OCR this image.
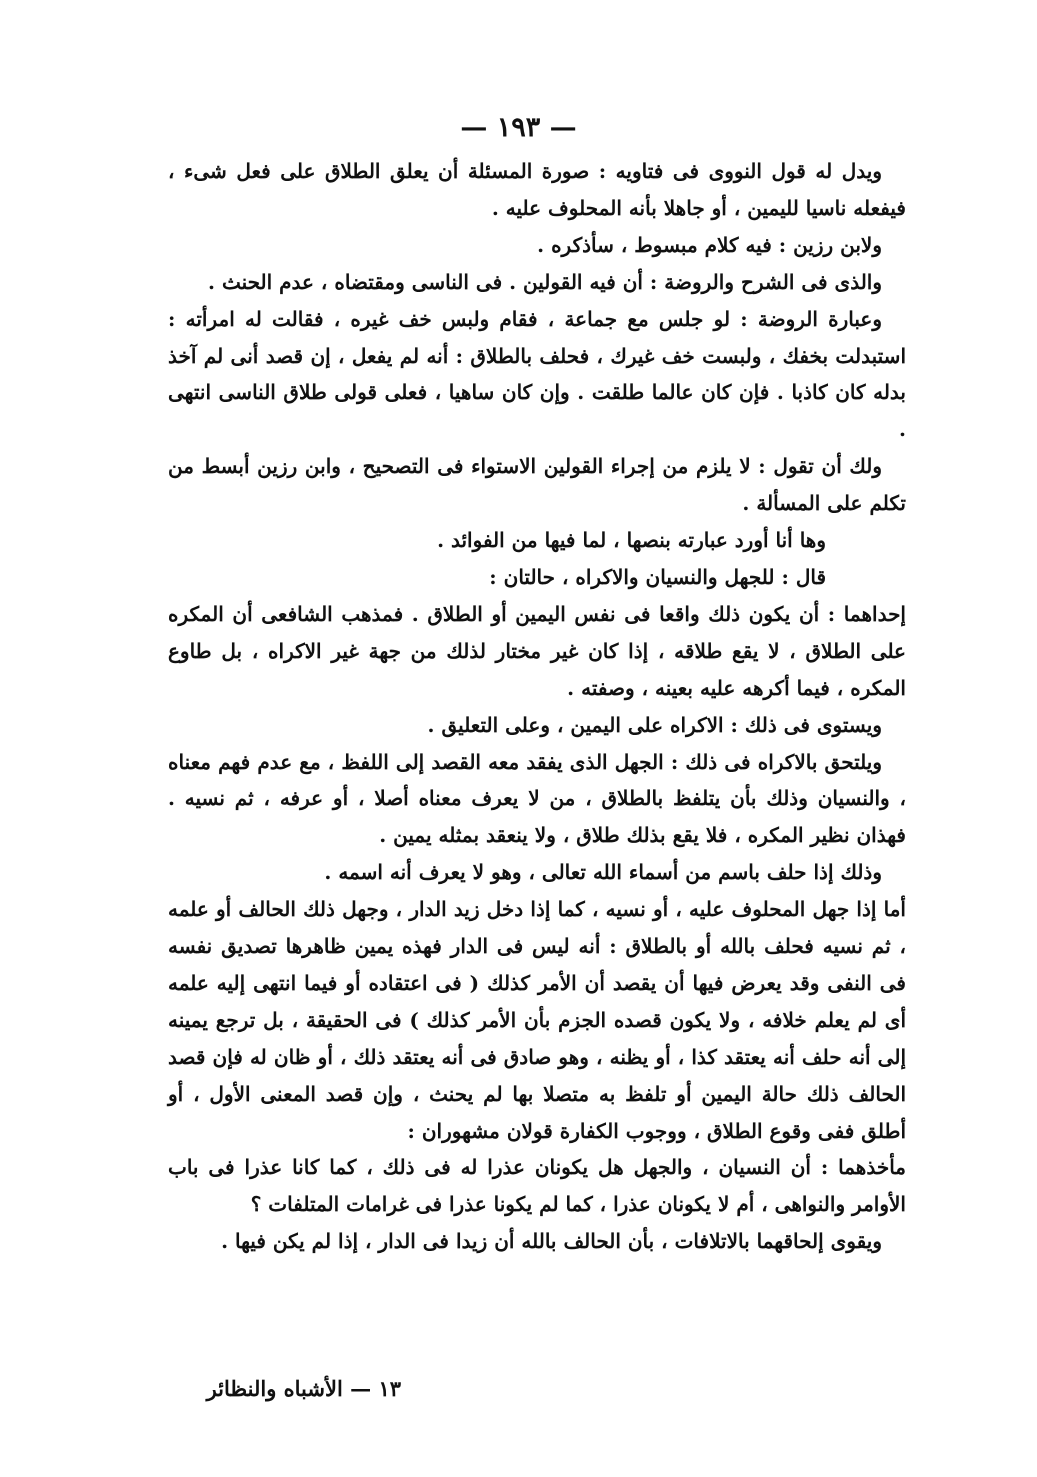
— ١٩٣ —

ويدل له قول النووى فى فتاويه : صورة المسئلة أن يعلق الطلاق على فعل شىء ، فيفعله ناسيا لليمين ، أو جاهلا بأنه المحلوف عليه .

ولابن رزين : فيه كلام مبسوط ، سأذكره .

والذى فى الشرح والروضة : أن فيه القولين . فى الناسى ومقتضاه ، عدم الحنث .

وعبارة الروضة : لو جلس مع جماعة ، فقام ولبس خف غيره ، فقالت له امرأته : استبدلت بخفك ، ولبست خف غيرك ، فحلف بالطلاق : أنه لم يفعل ، إن قصد أنى لم آخذ بدله كان كاذبا . فإن كان عالما طلقت . وإن كان ساهيا ، فعلى قولى طلاق الناسى انتهى .

ولك أن تقول : لا يلزم من إجراء القولين الاستواء فى التصحيح ، وابن رزين أبسط من تكلم على المسألة .

وها أنا أورد عبارته بنصها ، لما فيها من الفوائد .

قال : للجهل والنسيان والاكراه ، حالتان :

إحداهما : أن يكون ذلك واقعا فى نفس اليمين أو الطلاق . فمذهب الشافعى أن المكره على الطلاق ، لا يقع طلاقه ، إذا كان غير مختار لذلك من جهة غير الاكراه ، بل طاوع المكره ، فيما أكرهه عليه بعينه ، وصفته .

ويستوى فى ذلك : الاكراه على اليمين ، وعلى التعليق .

ويلتحق بالاكراه فى ذلك : الجهل الذى يفقد معه القصد إلى اللفظ ، مع عدم فهم معناه ، والنسيان وذلك بأن يتلفظ بالطلاق ، من لا يعرف معناه أصلا ، أو عرفه ، ثم نسيه . فهذان نظير المكره ، فلا يقع بذلك طلاق ، ولا ينعقد بمثله يمين .

وذلك إذا حلف باسم من أسماء الله تعالى ، وهو لا يعرف أنه اسمه .

أما إذا جهل المحلوف عليه ، أو نسيه ، كما إذا دخل زيد الدار ، وجهل ذلك الحالف أو علمه ، ثم نسيه فحلف بالله أو بالطلاق : أنه ليس فى الدار فهذه يمين ظاهرها تصديق نفسه فى النفى وقد يعرض فيها أن يقصد أن الأمر كذلك ( فى اعتقاده أو فيما انتهى إليه علمه أى لم يعلم خلافه ، ولا يكون قصده الجزم بأن الأمر كذلك ) فى الحقيقة ، بل ترجع يمينه إلى أنه حلف أنه يعتقد كذا ، أو يظنه ، وهو صادق فى أنه يعتقد ذلك ، أو ظان له فإن قصد الحالف ذلك حالة اليمين أو تلفظ به متصلا بها لم يحنث ، وإن قصد المعنى الأول ، أو أطلق ففى وقوع الطلاق ، ووجوب الكفارة قولان مشهوران :

مأخذهما : أن النسيان ، والجهل هل يكونان عذرا له فى ذلك ، كما كانا عذرا فى باب الأوامر والنواهى ، أم لا يكونان عذرا ، كما لم يكونا عذرا فى غرامات المتلفات ؟

ويقوى إلحاقهما بالاتلافات ، بأن الحالف بالله أن زيدا فى الدار ، إذا لم يكن فيها .

١٣ — الأشباه والنظائر
